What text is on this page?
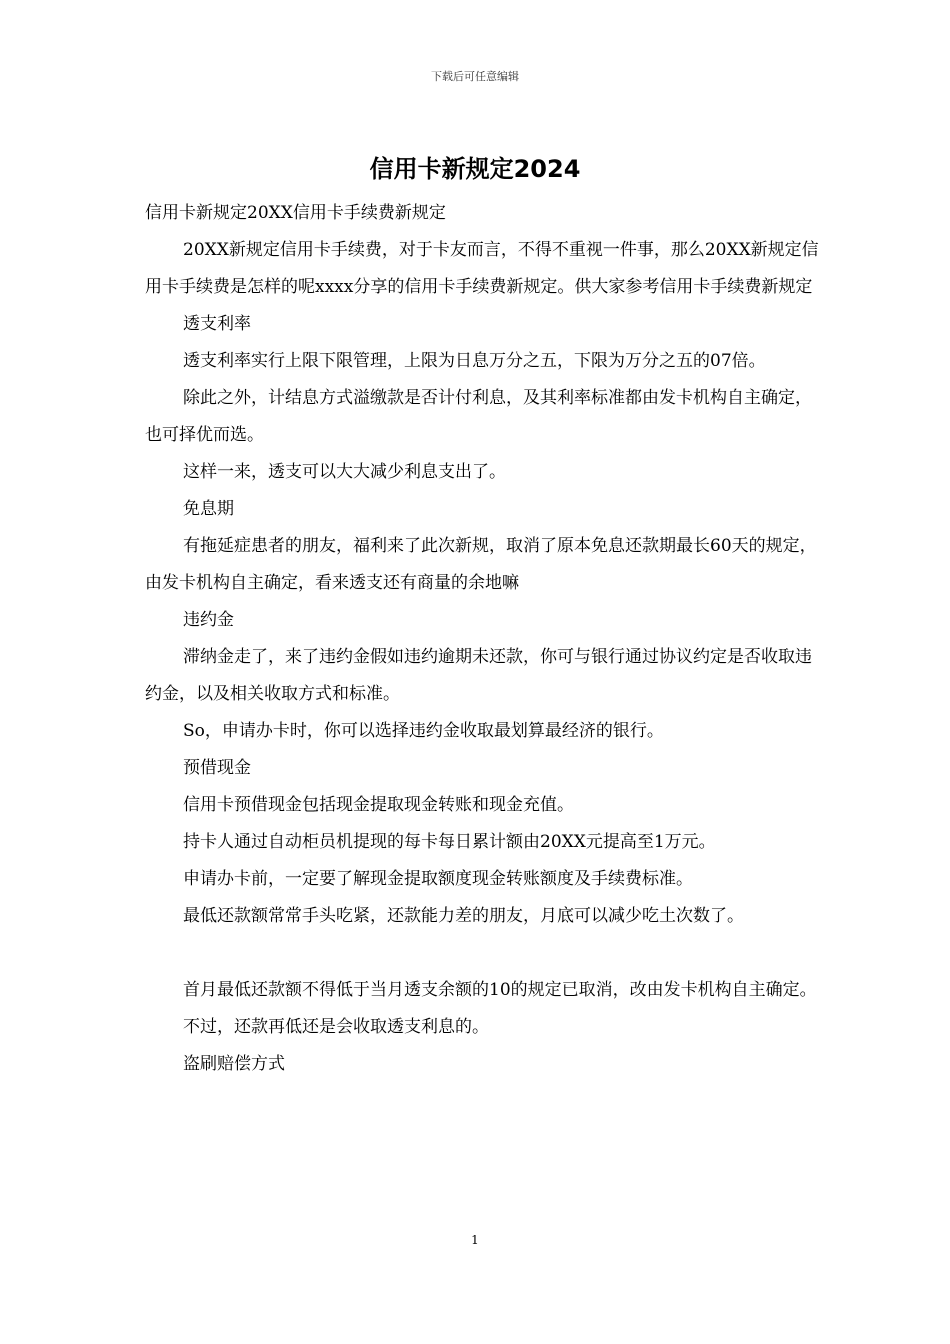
下载后可任意编辑
信用卡新规定2024

信用卡新规定20XX信用卡手续费新规定

20XX新规定信用卡手续费，对于卡友而言，不得不重视一件事，那么20XX新规定信用卡手续费是怎样的呢xxxx分享的信用卡手续费新规定。供大家参考信用卡手续费新规定

透支利率

透支利率实行上限下限管理，上限为日息万分之五，下限为万分之五的07倍。

除此之外，计结息方式溢缴款是否计付利息，及其利率标准都由发卡机构自主确定，也可择优而选。

这样一来，透支可以大大减少利息支出了。

免息期

有拖延症患者的朋友，福利来了此次新规，取消了原本免息还款期最长60天的规定，由发卡机构自主确定，看来透支还有商量的余地嘛

违约金

滞纳金走了，来了违约金假如违约逾期未还款，你可与银行通过协议约定是否收取违约金，以及相关收取方式和标准。

So，申请办卡时，你可以选择违约金收取最划算最经济的银行。

预借现金

信用卡预借现金包括现金提取现金转账和现金充值。

持卡人通过自动柜员机提现的每卡每日累计额由20XX元提高至1万元。

申请办卡前，一定要了解现金提取额度现金转账额度及手续费标准。

最低还款额常常手头吃紧，还款能力差的朋友，月底可以减少吃土次数了。

首月最低还款额不得低于当月透支余额的10的规定已取消，改由发卡机构自主确定。

不过，还款再低还是会收取透支利息的。

盗刷赔偿方式

1
